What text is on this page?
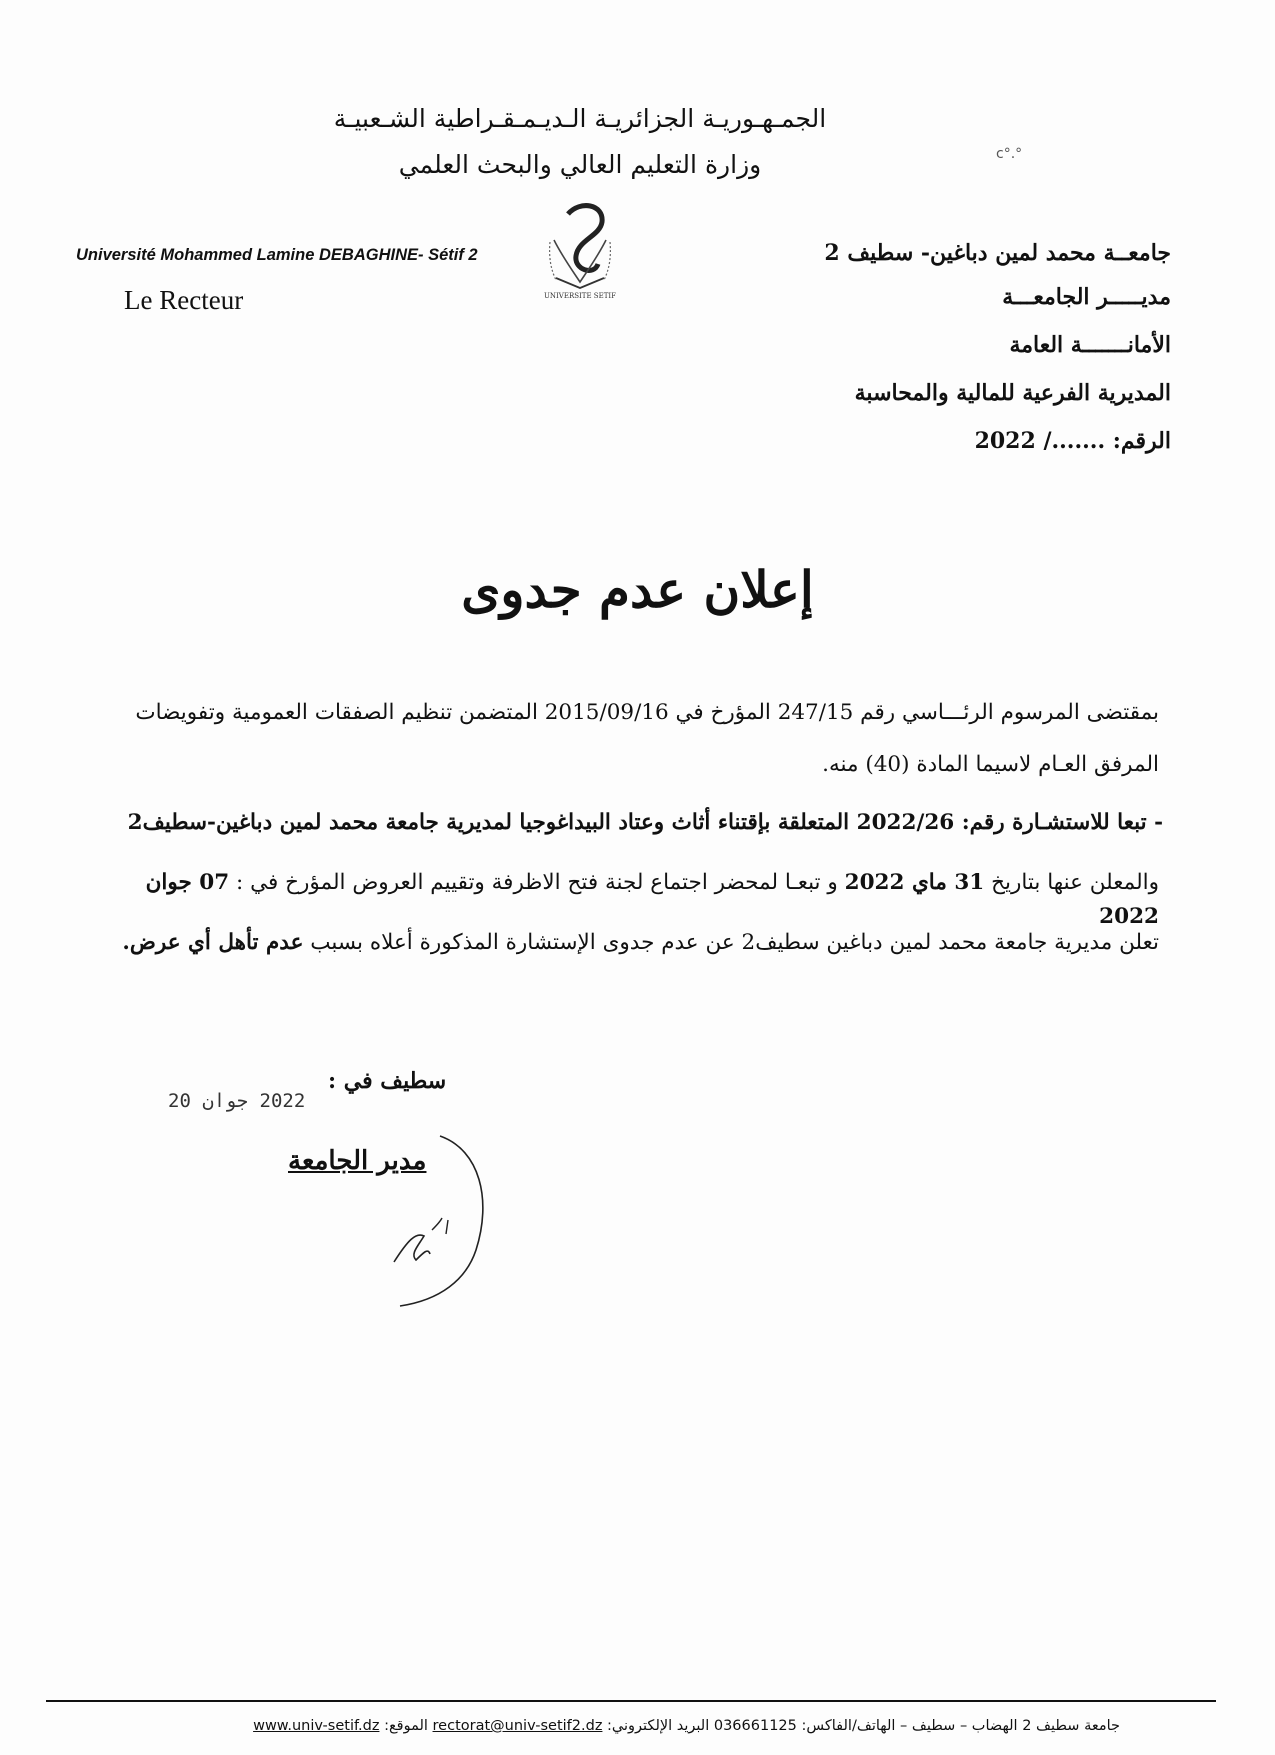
الجمـهـوريـة الجزائريـة الـديـمـقـراطية الشـعبيـة
وزارة التعليم العالي والبحث العلمي
Université Mohammed Lamine DEBAGHINE- Sétif 2
Le Recteur	UNIVERSITE SETIF
c°.°
جامعــة محمد لمين دباغين- سطيف 2
مديـــــر الجامعـــة
الأمانـــــــة العامة
المديرية الفرعية للمالية والمحاسبة
الرقم: ......./ 2022
إعلان عدم جدوى
بمقتضى المرسوم الرئـــاسي رقم 247/15 المؤرخ في 2015/09/16 المتضمن تنظيم الصفقات العمومية وتفويضات
المرفق العـام لاسيما المادة (40) منه.
- تبعا للاستشـارة رقم: 2022/26 المتعلقة بإقتناء أثاث وعتاد البيداغوجيا لمديرية جامعة محمد لمين دباغين-سطيف2
والمعلن عنها بتاريخ 31 ماي 2022 و تبعـا لمحضر اجتماع لجنة فتح الاظرفة وتقييم العروض المؤرخ في : 07 جوان 2022
تعلن مديرية جامعة محمد لمين دباغين سطيف2 عن عدم جدوى الإستشارة المذكورة أعلاه بسبب عدم تأهل أي عرض.
سطيف في :
2022 جوان 20
مدير الجامعة
جامعة سطيف 2 الهضاب – سطيف – الهاتف/الفاكس: 036661125 البريد الإلكتروني: rectorat@univ-setif2.dz الموقع: www.univ-setif.dz
